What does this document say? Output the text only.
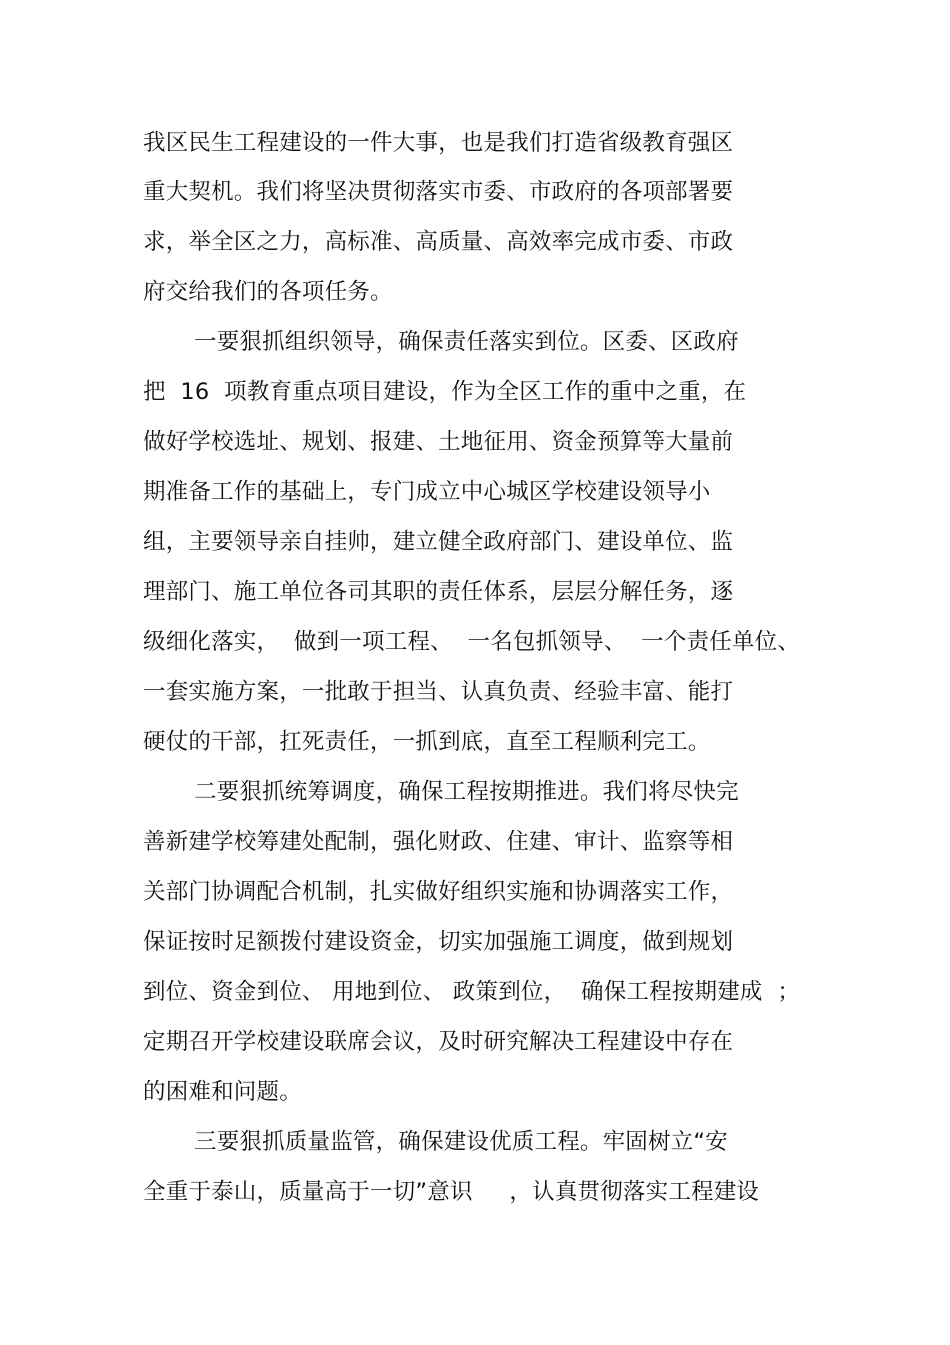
我区民生工程建设的一件大事，也是我们打造省级教育强区
重大契机。我们将坚决贯彻落实市委、市政府的各项部署要
求，举全区之力，高标准、高质量、高效率完成市委、市政
府交给我们的各项任务。
一要狠抓组织领导，确保责任落实到位。区委、区政府
把  16  项教育重点项目建设，作为全区工作的重中之重，在
做好学校选址、规划、报建、土地征用、资金预算等大量前
期准备工作的基础上，专门成立中心城区学校建设领导小
组，主要领导亲自挂帅，建立健全政府部门、建设单位、监
理部门、施工单位各司其职的责任体系，层层分解任务，逐
级细化落实，  做到一项工程、  一名包抓领导、  一个责任单位、
一套实施方案，一批敢于担当、认真负责、经验丰富、能打
硬仗的干部，扛死责任，一抓到底，直至工程顺利完工。
二要狠抓统筹调度，确保工程按期推进。我们将尽快完
善新建学校筹建处配制，强化财政、住建、审计、监察等相
关部门协调配合机制，扎实做好组织实施和协调落实工作，
保证按时足额拨付建设资金，切实加强施工调度，做到规划
到位、资金到位、 用地到位、 政策到位，  确保工程按期建成  ；
定期召开学校建设联席会议，及时研究解决工程建设中存在
的困难和问题。
三要狠抓质量监管，确保建设优质工程。牢固树立“安
全重于泰山，质量高于一切”意识     ，认真贯彻落实工程建设
